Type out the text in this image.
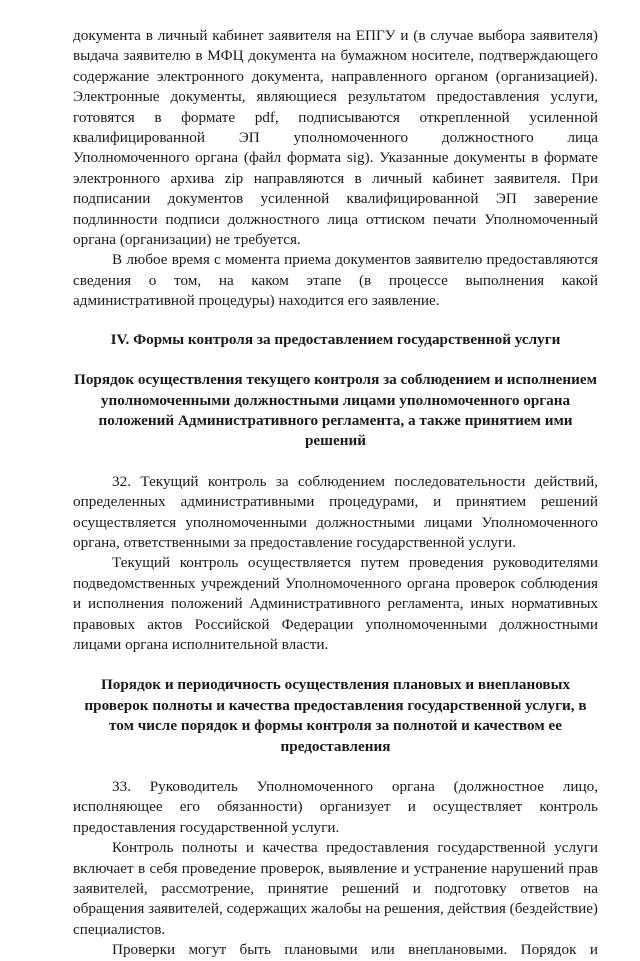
документа в личный кабинет заявителя на ЕПГУ и (в случае выбора заявителя) выдача заявителю в МФЦ документа на бумажном носителе, подтверждающего содержание электронного документа, направленного органом (организацией). Электронные документы, являющиеся результатом предоставления услуги, готовятся в формате pdf, подписываются открепленной усиленной квалифицированной ЭП уполномоченного должностного лица Уполномоченного органа (файл формата sig). Указанные документы в формате электронного архива zip направляются в личный кабинет заявителя. При подписании документов усиленной квалифицированной ЭП заверение подлинности подписи должностного лица оттиском печати Уполномоченный органа (организации) не требуется.

В любое время с момента приема документов заявителю предоставляются сведения о том, на каком этапе (в процессе выполнения какой административной процедуры) находится его заявление.

IV. Формы контроля за предоставлением государственной услуги

Порядок осуществления текущего контроля за соблюдением и исполнением уполномоченными должностными лицами уполномоченного органа положений Административного регламента, а также принятием ими решений

32. Текущий контроль за соблюдением последовательности действий, определенных административными процедурами, и принятием решений осуществляется уполномоченными должностными лицами Уполномоченного органа, ответственными за предоставление государственной услуги.

Текущий контроль осуществляется путем проведения руководителями подведомственных учреждений Уполномоченного органа проверок соблюдения и исполнения положений Административного регламента, иных нормативных правовых актов Российской Федерации уполномоченными должностными лицами органа исполнительной власти.

Порядок и периодичность осуществления плановых и внеплановых проверок полноты и качества предоставления государственной услуги, в том числе порядок и формы контроля за полнотой и качеством ее предоставления

33. Руководитель Уполномоченного органа (должностное лицо, исполняющее его обязанности) организует и осуществляет контроль предоставления государственной услуги.

Контроль полноты и качества предоставления государственной услуги включает в себя проведение проверок, выявление и устранение нарушений прав заявителей, рассмотрение, принятие решений и подготовку ответов на обращения заявителей, содержащих жалобы на решения, действия (бездействие) специалистов.

Проверки могут быть плановыми или внеплановыми. Порядок и
